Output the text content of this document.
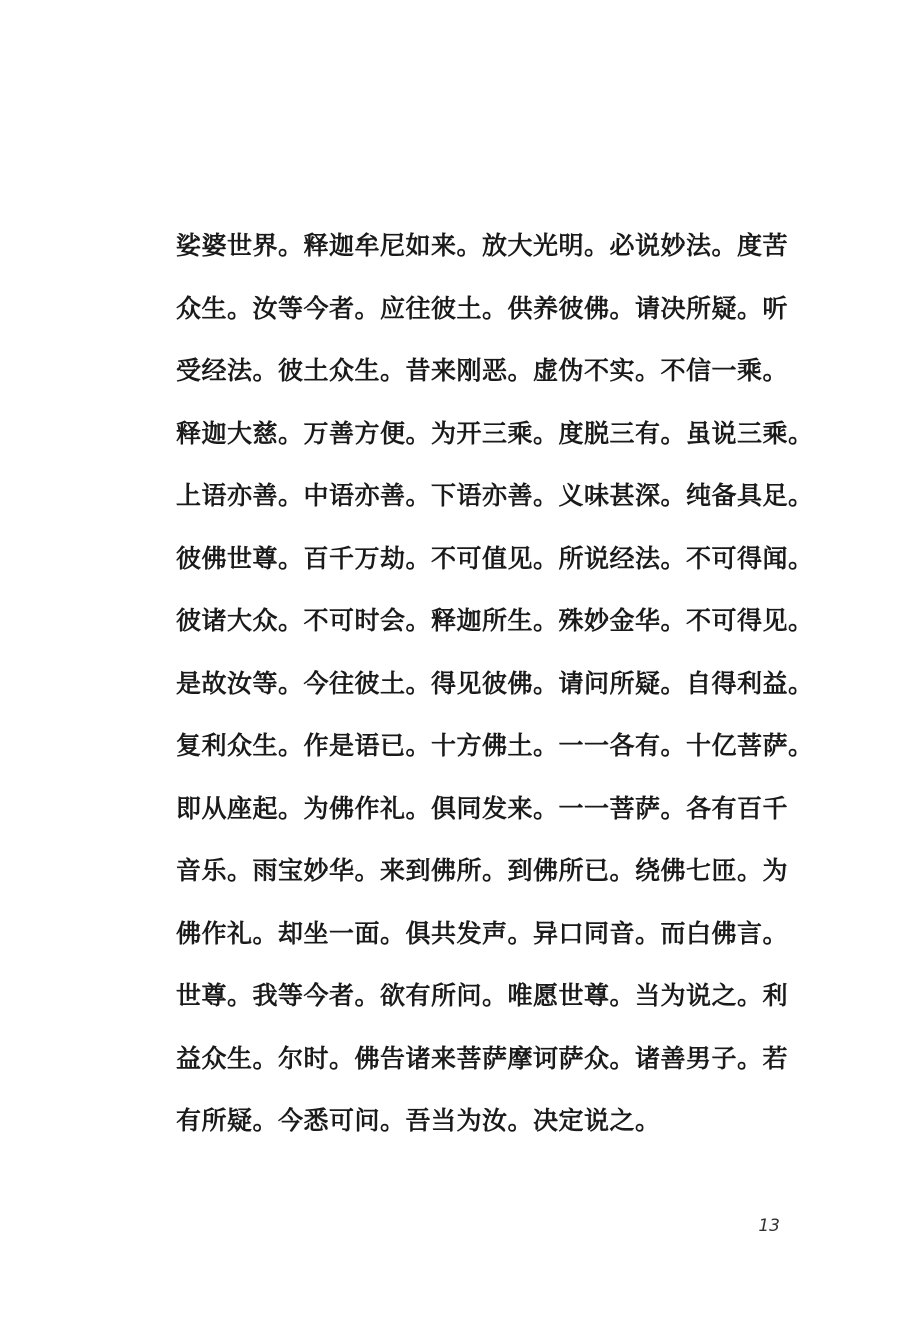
娑婆世界。释迦牟尼如来。放大光明。必说妙法。度苦
众生。汝等今者。应往彼土。供养彼佛。请决所疑。听
受经法。彼土众生。昔来刚恶。虚伪不实。不信一乘。
释迦大慈。万善方便。为开三乘。度脱三有。虽说三乘。
上语亦善。中语亦善。下语亦善。义味甚深。纯备具足。
彼佛世尊。百千万劫。不可值见。所说经法。不可得闻。
彼诸大众。不可时会。释迦所生。殊妙金华。不可得见。
是故汝等。今往彼土。得见彼佛。请问所疑。自得利益。
复利众生。作是语已。十方佛土。一一各有。十亿菩萨。
即从座起。为佛作礼。俱同发来。一一菩萨。各有百千
音乐。雨宝妙华。来到佛所。到佛所已。绕佛七匝。为
佛作礼。却坐一面。俱共发声。异口同音。而白佛言。
世尊。我等今者。欲有所问。唯愿世尊。当为说之。利
益众生。尔时。佛告诸来菩萨摩诃萨众。诸善男子。若
有所疑。今悉可问。吾当为汝。决定说之。
13
